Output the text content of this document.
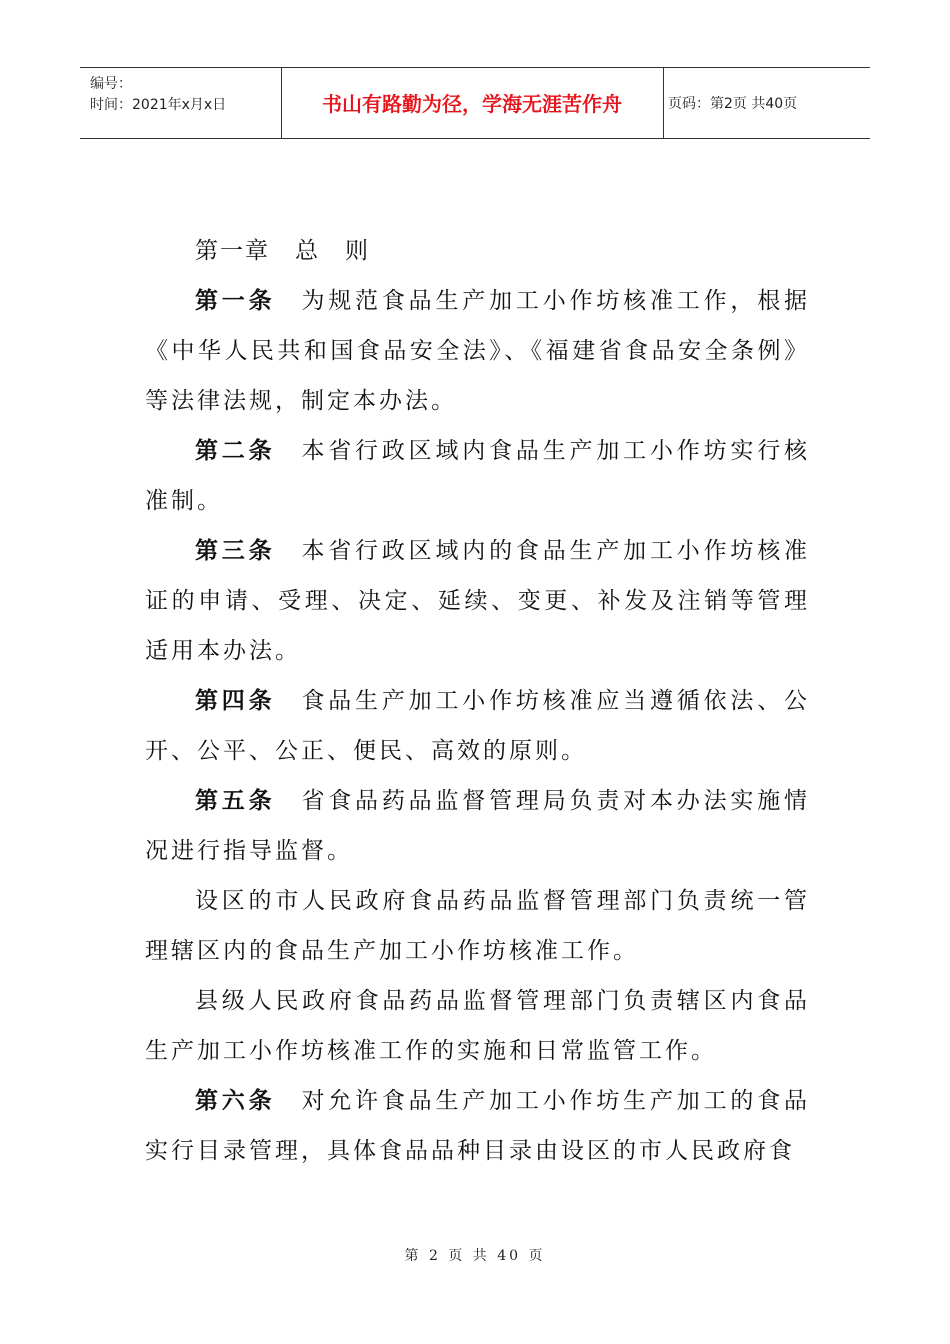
编号：
时间：2021年x月x日	书山有路勤为径，学海无涯苦作舟	页码：第2页 共40页

第一章　总　则

第一条 为规范食品生产加工小作坊核准工作，根据《中华人民共和国食品安全法》、《福建省食品安全条例》等法律法规，制定本办法。

第二条 本省行政区域内食品生产加工小作坊实行核准制。

第三条 本省行政区域内的食品生产加工小作坊核准证的申请、受理、决定、延续、变更、补发及注销等管理适用本办法。

第四条 食品生产加工小作坊核准应当遵循依法、公开、公平、公正、便民、高效的原则。

第五条 省食品药品监督管理局负责对本办法实施情况进行指导监督。

设区的市人民政府食品药品监督管理部门负责统一管理辖区内的食品生产加工小作坊核准工作。

县级人民政府食品药品监督管理部门负责辖区内食品生产加工小作坊核准工作的实施和日常监管工作。

第六条 对允许食品生产加工小作坊生产加工的食品实行目录管理，具体食品品种目录由设区的市人民政府食

第 2 页 共 40 页
